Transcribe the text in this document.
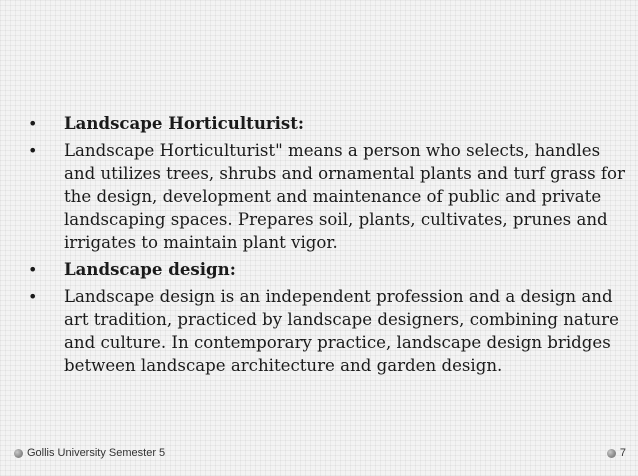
• Landscape Horticulturist:
• Landscape Horticulturist" means a person who selects, handles and utilizes trees, shrubs and ornamental plants and turf grass for the design, development and maintenance of public and private landscaping spaces. Prepares soil, plants, cultivates, prunes and irrigates to maintain plant vigor.
• Landscape design:
• Landscape design is an independent profession and a design and art tradition, practiced by landscape designers, combining nature and culture. In contemporary practice, landscape design bridges between landscape architecture and garden design.
Gollis University Semester 5	7
